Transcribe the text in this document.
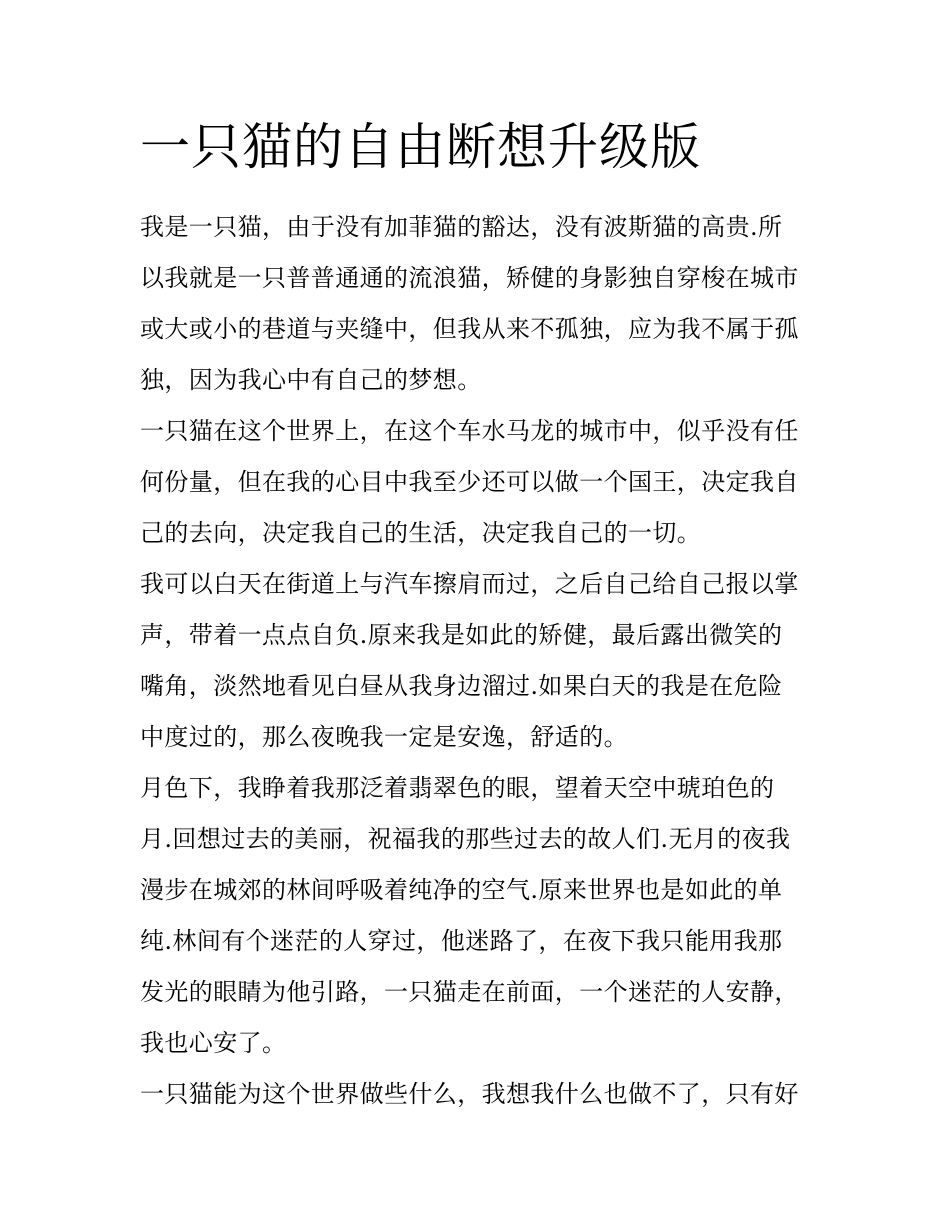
一只猫的自由断想升级版

我是一只猫，由于没有加菲猫的豁达，没有波斯猫的高贵.所
以我就是一只普普通通的流浪猫，矫健的身影独自穿梭在城市
或大或小的巷道与夹缝中，但我从来不孤独，应为我不属于孤
独，因为我心中有自己的梦想。

一只猫在这个世界上，在这个车水马龙的城市中，似乎没有任
何份量，但在我的心目中我至少还可以做一个国王，决定我自
己的去向，决定我自己的生活，决定我自己的一切。

我可以白天在街道上与汽车擦肩而过，之后自己给自己报以掌
声，带着一点点自负.原来我是如此的矫健，最后露出微笑的
嘴角，淡然地看见白昼从我身边溜过.如果白天的我是在危险
中度过的，那么夜晚我一定是安逸，舒适的。

月色下，我睁着我那泛着翡翠色的眼，望着天空中琥珀色的
月.回想过去的美丽，祝福我的那些过去的故人们.无月的夜我
漫步在城郊的林间呼吸着纯净的空气.原来世界也是如此的单
纯.林间有个迷茫的人穿过，他迷路了，在夜下我只能用我那
发光的眼睛为他引路，一只猫走在前面，一个迷茫的人安静，
我也心安了。

一只猫能为这个世界做些什么，我想我什么也做不了，只有好
